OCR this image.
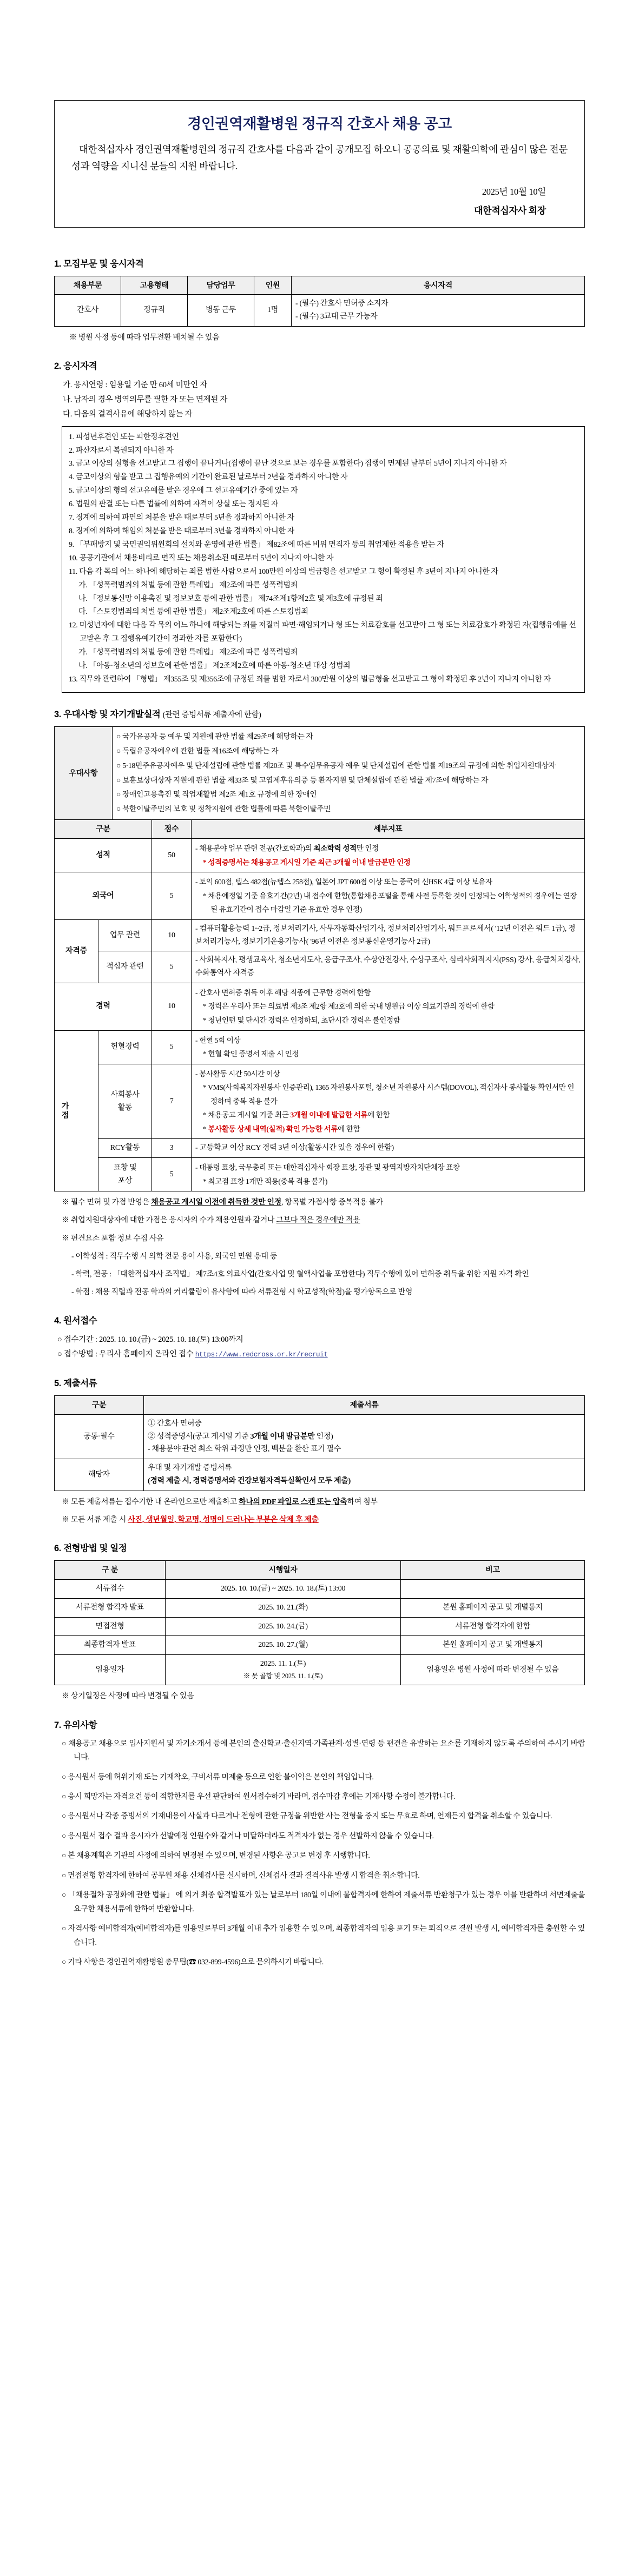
경인권역재활병원 정규직 간호사 채용 공고
대한적십자사 경인권역재활병원의 정규직 간호사를 다음과 같이 공개모집 하오니 공공의료 및 재활의학에 관심이 많은 전문성과 역량을 지니신 분들의 지원 바랍니다.
2025년 10월 10일
대한적십자사 회장
1. 모집부문 및 응시자격
채용부문	고용형태	담당업무	인원	응시자격
간호사	정규직	병동 근무	1명	- (필수) 간호사 면허증 소지자
- (필수) 3교대 근무 가능자
※ 병원 사정 등에 따라 업무전환 배치될 수 있음
2. 응시자격
가. 응시연령 : 임용일 기준 만 60세 미만인 자
나. 남자의 경우 병역의무를 필한 자 또는 면제된 자
다. 다음의 결격사유에 해당하지 않는 자

1. 피성년후견인 또는 피한정후견인

2. 파산자로서 복권되지 아니한 자

3. 금고 이상의 실형을 선고받고 그 집행이 끝나거나(집행이 끝난 것으로 보는 경우를 포함한다) 집행이 면제된 날부터 5년이 지나지 아니한 자

4. 금고이상의 형을 받고 그 집행유예의 기간이 완료된 날로부터 2년을 경과하지 아니한 자

5. 금고이상의 형의 선고유예를 받은 경우에 그 선고유예기간 중에 있는 자

6. 법원의 판결 또는 다른 법률에 의하여 자격이 상실 또는 정지된 자

7. 징계에 의하여 파면의 처분을 받은 때로부터 5년을 경과하지 아니한 자

8. 징계에 의하여 해임의 처분을 받은 때로부터 3년을 경과하지 아니한 자

9. 「부패방지 및 국민권익위원회의 설치와 운영에 관한 법률」 제82조에 따른 비위 면직자 등의 취업제한 적용을 받는 자

10. 공공기관에서 채용비리로 면직 또는 채용취소된 때로부터 5년이 지나지 아니한 자

11. 다음 각 목의 어느 하나에 해당하는 죄를 범한 사람으로서 100만원 이상의 벌금형을 선고받고 그 형이 확정된 후 3년이 지나지 아니한 자

가. 「성폭력범죄의 처벌 등에 관한 특례법」 제2조에 따른 성폭력범죄

나. 「정보통신망 이용촉진 및 정보보호 등에 관한 법률」 제74조제1항제2호 및 제3호에 규정된 죄

다. 「스토킹범죄의 처벌 등에 관한 법률」 제2조제2호에 따른 스토킹범죄

12. 미성년자에 대한 다음 각 목의 어느 하나에 해당되는 죄를 저질러 파면·해임되거나 형 또는 치료감호를 선고받아 그 형 또는 치료감호가 확정된 자(집행유예를 선고받은 후 그 집행유예기간이 경과한 자를 포함한다)

가. 「성폭력범죄의 처벌 등에 관한 특례법」 제2조에 따른 성폭력범죄

나. 「아동·청소년의 성보호에 관한 법률」 제2조제2호에 따른 아동·청소년 대상 성범죄

13. 직무와 관련하여 「형법」 제355조 및 제356조에 규정된 죄를 범한 자로서 300만원 이상의 벌금형을 선고받고 그 형이 확정된 후 2년이 지나지 아니한 자

3. 우대사항 및 자기개발실적 (관련 증빙서류 제출자에 한함)
우대사항	

○ 국가유공자 등 예우 및 지원에 관한 법률 제29조에 해당하는 자

○ 독립유공자예우에 관한 법률 제16조에 해당하는 자

○ 5·18민주유공자예우 및 단체설립에 관한 법률 제20조 및 특수임무유공자 예우 및 단체설립에 관한 법률 제19조의 규정에 의한 취업지원대상자

○ 보훈보상대상자 지원에 관한 법률 제33조 및 고엽제후유의증 등 환자지원 및 단체설립에 관한 법률 제7조에 해당하는 자

○ 장애인고용촉진 및 직업재활법 제2조 제1호 규정에 의한 장애인

○ 북한이탈주민의 보호 및 정착지원에 관한 법률에 따른 북한이탈주민

구분		점수	세부지표
성적		50	- 채용분야 업무 관련 전공(간호학과)의 최소학력 성적만 인정

* 성적증명서는 채용공고 게시일 기준 최근 3개월 이내 발급분만 인정

외국어		5	- 토익 600점, 텝스 482점(뉴텝스 258점), 일본어 JPT 600점 이상 또는 중국어 신HSK 4급 이상 보유자

* 채용예정일 기준 유효기간(2년) 내 점수에 한함(통합채용포털을 통해 사전 등록한 것이 인정되는 어학성적의 경우에는 연장된 유효기간이 접수 마감일 기준 유효한 경우 인정)

자격증	업무 관련	10	- 컴퓨터활용능력 1~2급, 정보처리기사, 사무자동화산업기사, 정보처리산업기사, 워드프로세서( '12년 이전은 워드 1급), 정보처리기능사, 정보기기운용기능사( '96년 이전은 정보통신운영기능사 2급)
	적십자 관련	5	- 사회복지사, 평생교육사, 청소년지도사, 응급구조사, 수상안전강사, 수상구조사, 심리사회적지지(PSS) 강사, 응급처치강사, 수화통역사 자격증
경력		10	- 간호사 면허증 취득 이후 해당 직종에 근무한 경력에 한함

* 경력은 우리사 또는 의료법 제3조 제2항 제3호에 의한 국내 병원급 이상 의료기관의 경력에 한함

* 청년인턴 및 단시간 경력은 인정하되, 초단시간 경력은 불인정함

가점	헌혈경력	5	- 헌혈 5회 이상

* 헌혈 확인 증명서 제출 시 인정

사회봉사
활동	7	

- 봉사활동 시간 50시간 이상

* VMS(사회복지자원봉사 인증관리), 1365 자원봉사포털, 청소년 자원봉사 시스템(DOVOL), 적십자사 봉사활동 확인서만 인정하며 중복 적용 불가

* 채용공고 게시일 기준 최근 3개월 이내에 발급한 서류에 한함

* 봉사활동 상세 내역(실적) 확인 가능한 서류에 한함

	RCY활동	3	- 고등학교 이상 RCY 경력 3년 이상(활동시간 있을 경우에 한함)
표창 및
포상	5	

- 대통령 표창, 국무총리 또는 대한적십자사 회장 표창, 장관 및 광역지방자치단체장 표창

* 최고점 표창 1개만 적용(중복 적용 불가)

※ 필수 면허 및 가점 반영은 채용공고 게시일 이전에 취득한 것만 인정, 항목별 가점사항 중복적용 불가
※ 취업지원대상자에 대한 가점은 응시자의 수가 채용인원과 같거나 그보다 적은 경우에만 적용
※ 편견요소 포함 정보 수집 사유
- 어학성적 : 직무수행 시 의학 전문 용어 사용, 외국인 민원 응대 등
- 학력, 전공 : 「대한적십자사 조직법」 제7조4호 의료사업(간호사업 및 혈액사업을 포함한다) 직무수행에 있어 면허증 취득을 위한 지원 자격 확인
- 학점 : 채용 직렬과 전공 학과의 커리큘럼이 유사함에 따라 서류전형 시 학교성적(학점)을 평가항목으로 반영
4. 원서접수
○ 접수기간 : 2025. 10. 10.(금) ~ 2025. 10. 18.(토) 13:00까지
○ 접수방법 : 우리사 홈페이지 온라인 접수 https://www.redcross.or.kr/recruit
5. 제출서류
구분	제출서류
공통·필수	① 간호사 면허증
② 성적증명서(공고 게시일 기준 3개월 이내 발급분만 인정)
- 채용분야 관련 최소 학위 과정만 인정, 백분율 환산 표기 필수

해당자	우대 및 자기개발 증빙서류
(경력 제출 시, 경력증명서와 건강보험자격득실확인서 모두 제출)
※ 모든 제출서류는 접수기한 내 온라인으로만 제출하고 하나의 PDF 파일로 스캔 또는 압축하여 첨부
※ 모든 서류 제출 시 사진, 생년월일, 학교명, 성명이 드러나는 부분은 삭제 후 제출
6. 전형방법 및 일정
구 분	시행일자	비고
서류접수	2025. 10. 10.(금) ~ 2025. 10. 18.(토) 13:00	
서류전형 합격자 발표	2025. 10. 21.(화)	본원 홈페이지 공고 및 개별통지
면접전형	2025. 10. 24.(금)	서류전형 합격자에 한함
최종합격자 발표	2025. 10. 27.(월)	본원 홈페이지 공고 및 개별통지
임용일자	2025. 11. 1.(토)
※ 못 골합 및 2025. 11. 1.(토)	임용일은 병원 사정에 따라 변경될 수 있음
※ 상기일정은 사정에 따라 변경될 수 있음
7. 유의사항
○ 채용공고 채용으로 입사지원서 및 자기소개서 등에 본인의 출신학교·출신지역·가족관계·성별·연령 등 편견을 유발하는 요소를 기재하지 않도록 주의하여 주시기 바랍니다.
○ 응시원서 등에 허위기재 또는 기재착오, 구비서류 미제출 등으로 인한 불이익은 본인의 책임입니다.
○ 응시 희망자는 자격요건 등이 적합한지를 우선 판단하여 원서접수하기 바라며, 접수마감 후에는 기재사항 수정이 불가합니다.
○ 응시원서나 각종 증빙서의 기재내용이 사실과 다르거나 전형에 관한 규정을 위반한 사는 전형을 중지 또는 무효로 하며, 언제든지 합격을 취소할 수 있습니다.
○ 응시원서 접수 결과 응시자가 선발예정 인원수와 같거나 미달하더라도 적격자가 없는 경우 선발하지 않을 수 있습니다.
○ 본 채용계획은 기관의 사정에 의하여 변경될 수 있으며, 변경된 사항은 공고로 변경 후 시행합니다.
○ 면접전형 합격자에 한하여 공무원 채용 신체검사를 실시하며, 신체검사 결과 결격사유 발생 시 합격을 취소합니다.
○ 「채용절차 공정화에 관한 법률」 에 의거 최종 합격발표가 있는 날로부터 180일 이내에 불합격자에 한하여 제출서류 반환청구가 있는 경우 이를 반환하며 서면제출을 요구한 채용서류에 한하여 반환합니다.
○ 자격사항 예비합격자(예비합격자)를 임용일로부터 3개월 이내 추가 임용할 수 있으며, 최종합격자의 임용 포기 또는 퇴직으로 결원 발생 시, 예비합격자를 충원할 수 있습니다.
○ 기타 사항은 경인권역재활병원 총무팀(☎ 032-899-4596)으로 문의하시기 바랍니다.
